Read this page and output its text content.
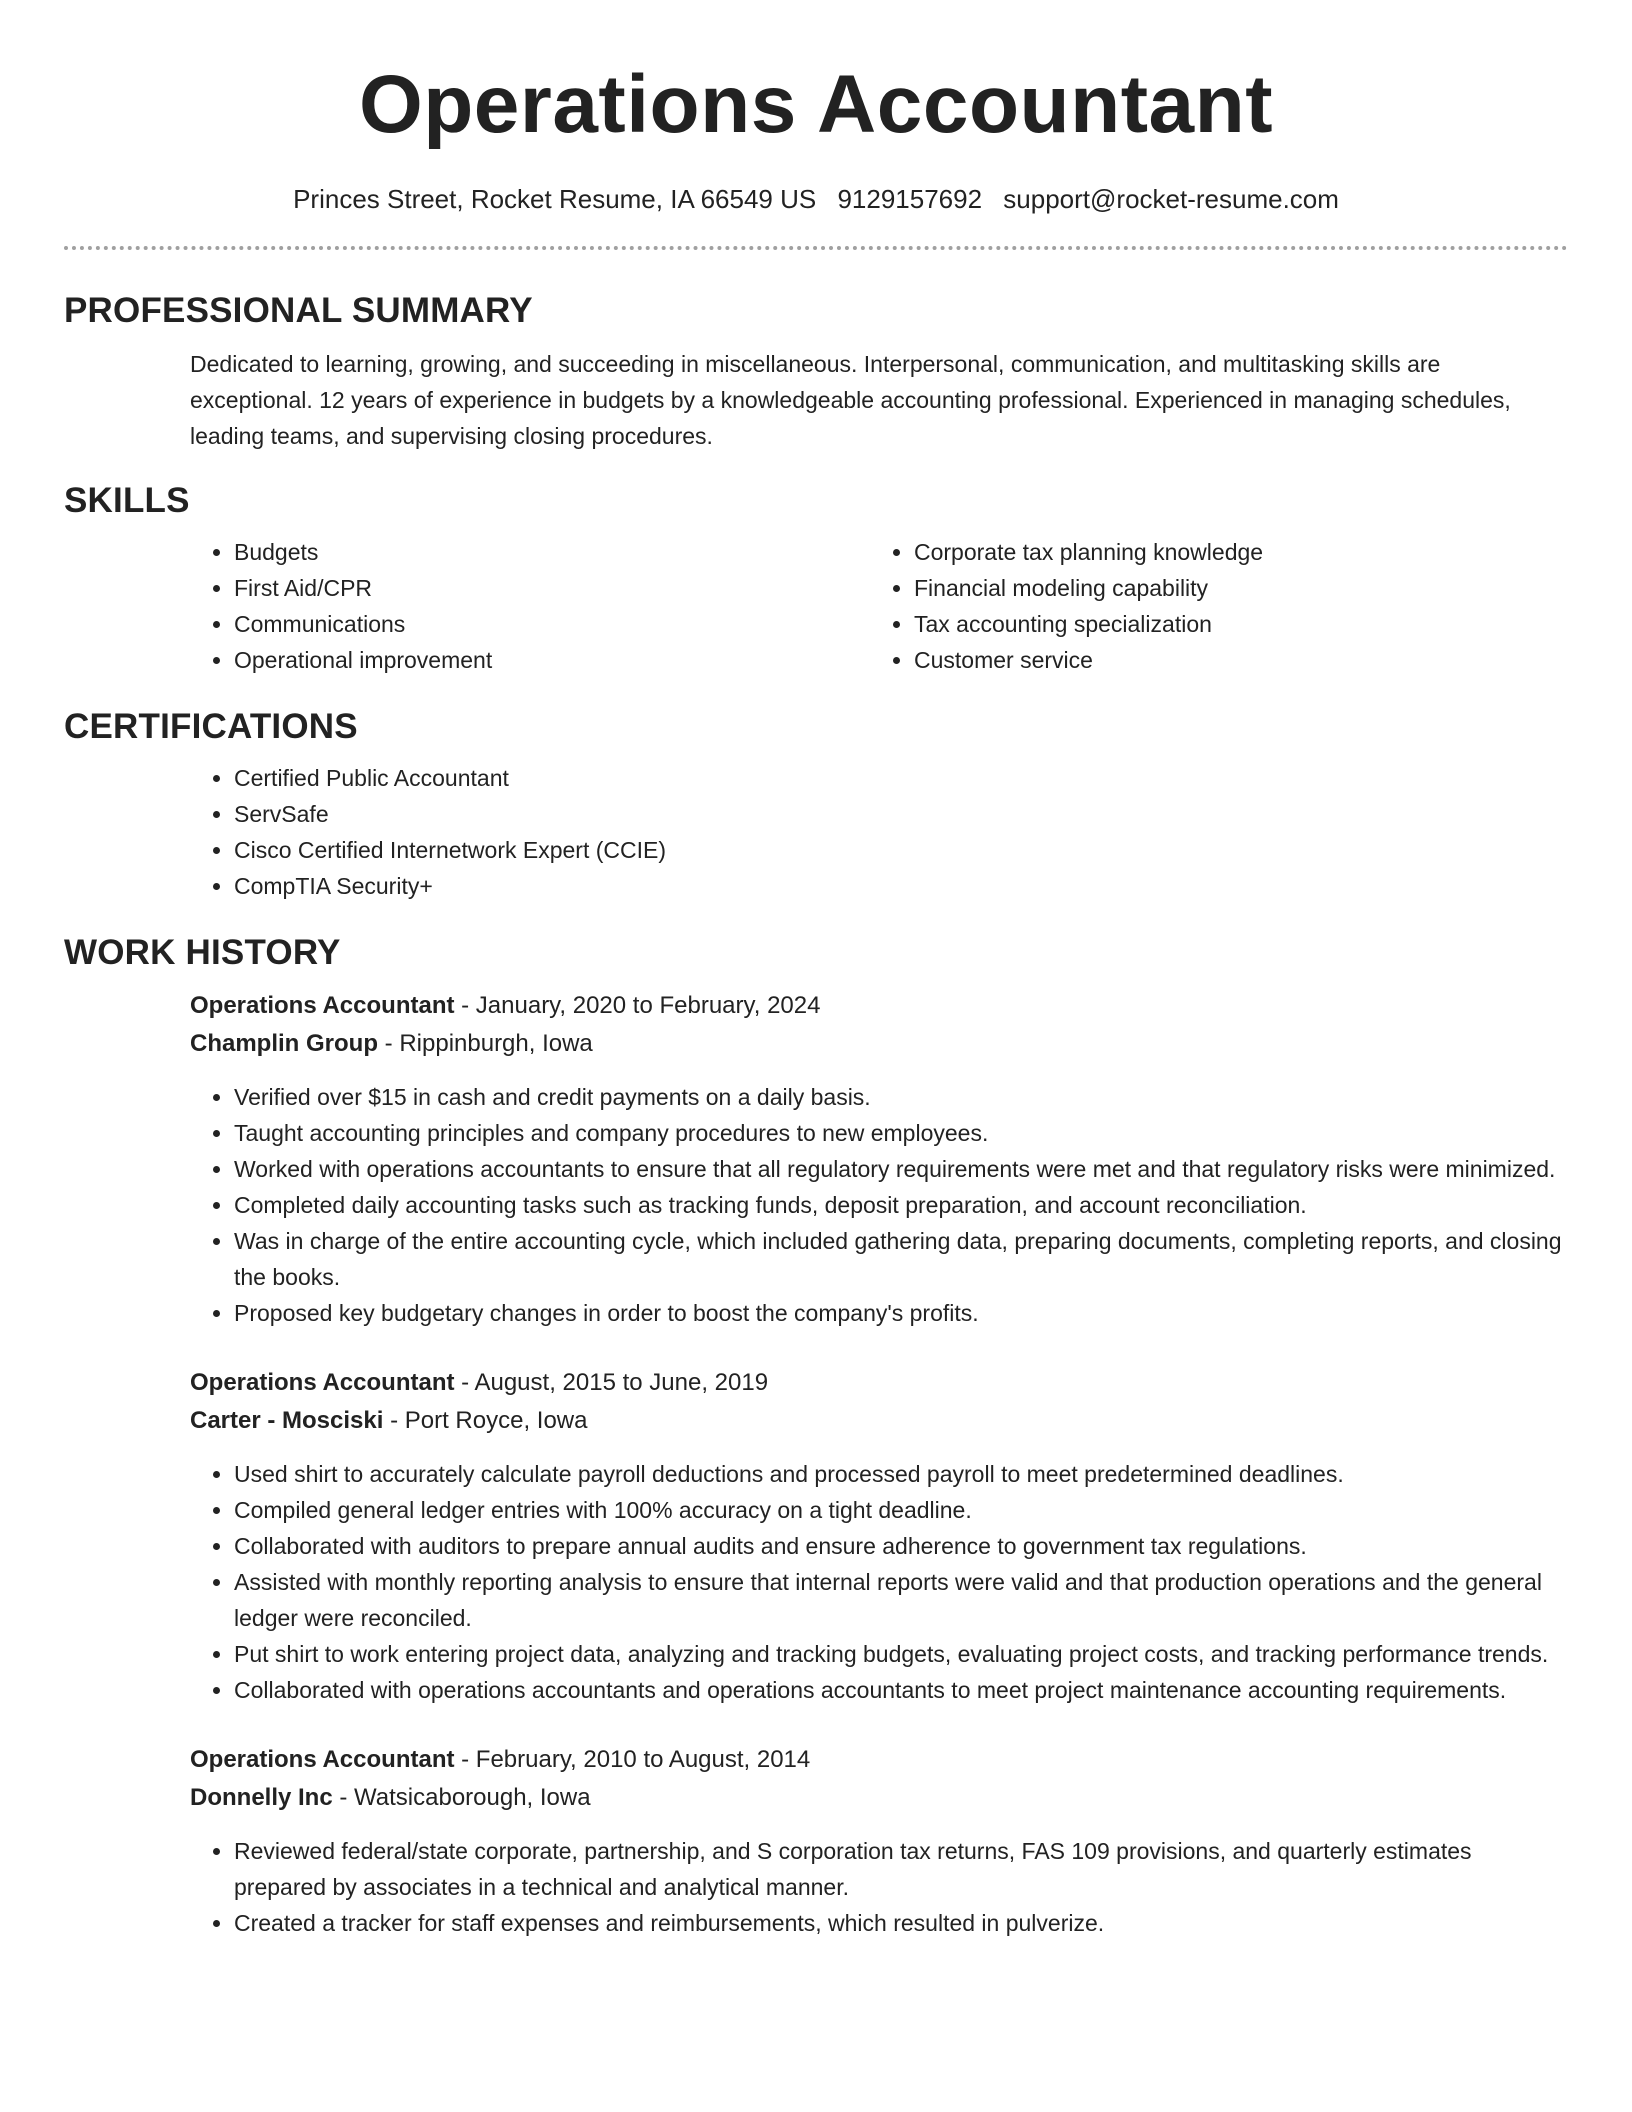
Operations Accountant
Princes Street, Rocket Resume, IA 66549 US 9129157692 support@rocket-resume.com
PROFESSIONAL SUMMARY

Dedicated to learning, growing, and succeeding in miscellaneous. Interpersonal, communication, and multitasking skills are exceptional. 12 years of experience in budgets by a knowledgeable accounting professional. Experienced in managing schedules, leading teams, and supervising closing procedures.

SKILLS
• Budgets
• First Aid/CPR
• Communications
• Operational improvement
• Corporate tax planning knowledge
• Financial modeling capability
• Tax accounting specialization
• Customer service
CERTIFICATIONS
• Certified Public Accountant
• ServSafe
• Cisco Certified Internetwork Expert (CCIE)
• CompTIA Security+
WORK HISTORY
Operations Accountant - January, 2020 to February, 2024
Champlin Group - Rippinburgh, Iowa
• Verified over $15 in cash and credit payments on a daily basis.
• Taught accounting principles and company procedures to new employees.
• Worked with operations accountants to ensure that all regulatory requirements were met and that regulatory risks were minimized.
• Completed daily accounting tasks such as tracking funds, deposit preparation, and account reconciliation.
• Was in charge of the entire accounting cycle, which included gathering data, preparing documents, completing reports, and closing the books.
• Proposed key budgetary changes in order to boost the company's profits.
Operations Accountant - August, 2015 to June, 2019
Carter - Mosciski - Port Royce, Iowa
• Used shirt to accurately calculate payroll deductions and processed payroll to meet predetermined deadlines.
• Compiled general ledger entries with 100% accuracy on a tight deadline.
• Collaborated with auditors to prepare annual audits and ensure adherence to government tax regulations.
• Assisted with monthly reporting analysis to ensure that internal reports were valid and that production operations and the general ledger were reconciled.
• Put shirt to work entering project data, analyzing and tracking budgets, evaluating project costs, and tracking performance trends.
• Collaborated with operations accountants and operations accountants to meet project maintenance accounting requirements.
Operations Accountant - February, 2010 to August, 2014
Donnelly Inc - Watsicaborough, Iowa
• Reviewed federal/state corporate, partnership, and S corporation tax returns, FAS 109 provisions, and quarterly estimates prepared by associates in a technical and analytical manner.
• Created a tracker for staff expenses and reimbursements, which resulted in pulverize.
